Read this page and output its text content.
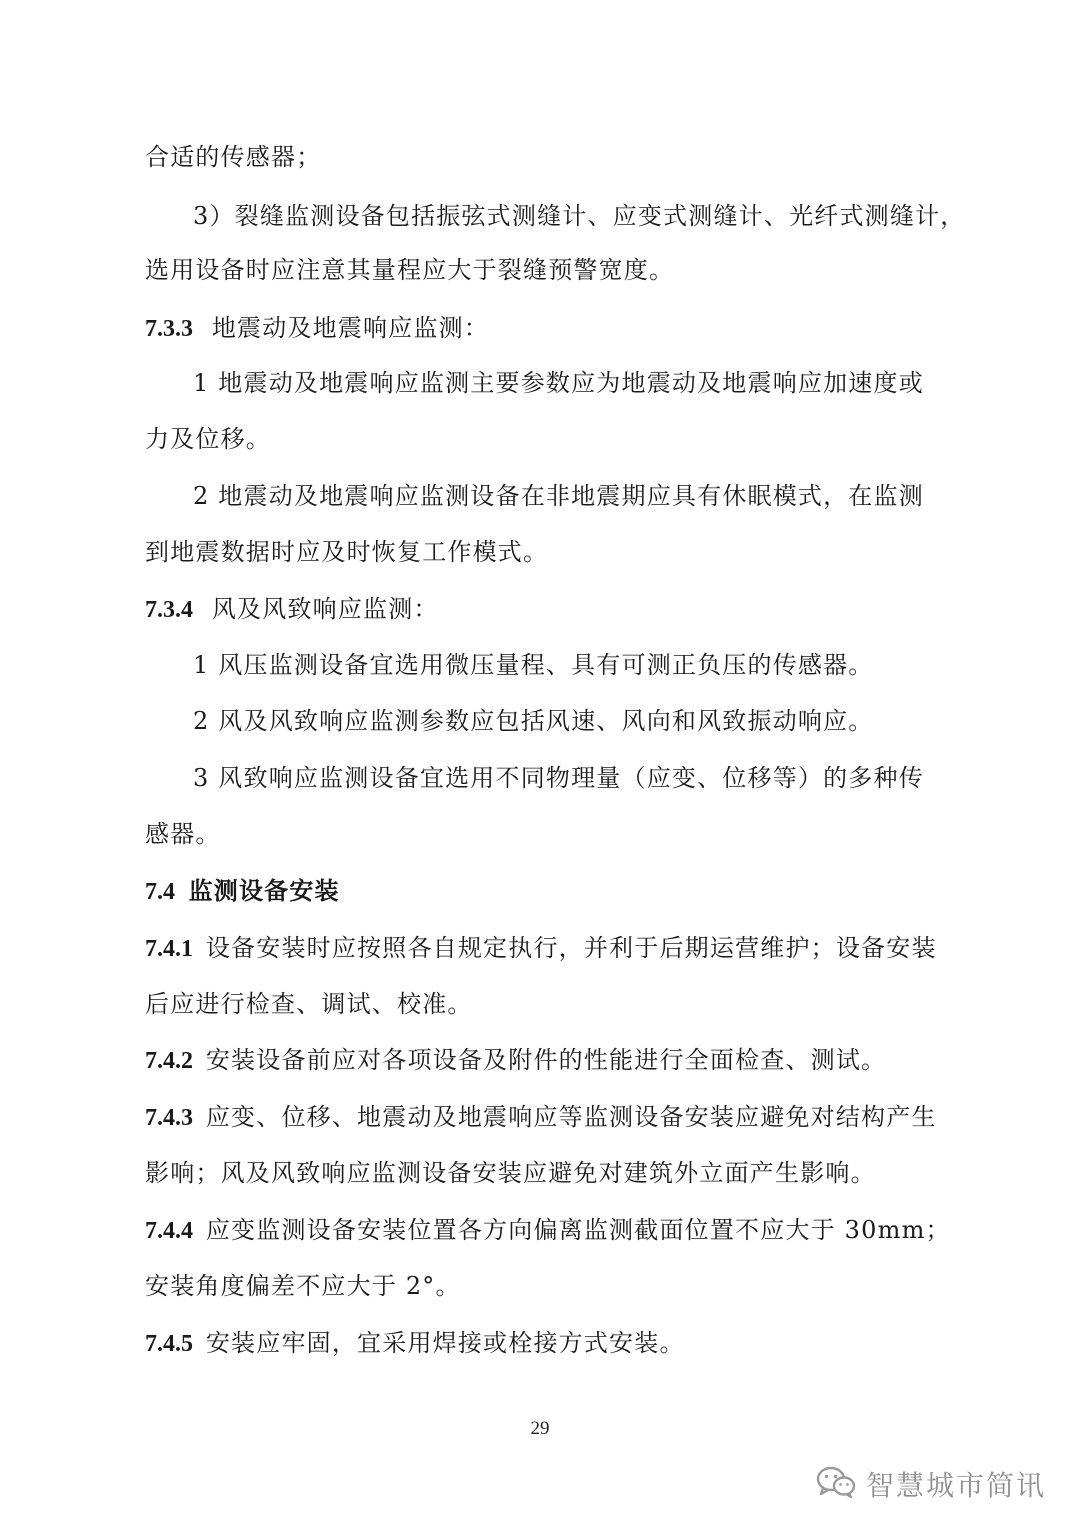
合适的传感器；
3）裂缝监测设备包括振弦式测缝计、应变式测缝计、光纤式测缝计，
选用设备时应注意其量程应大于裂缝预警宽度。
7.3.3 地震动及地震响应监测：
1 地震动及地震响应监测主要参数应为地震动及地震响应加速度或
力及位移。
2 地震动及地震响应监测设备在非地震期应具有休眠模式，在监测
到地震数据时应及时恢复工作模式。
7.3.4 风及风致响应监测：
1 风压监测设备宜选用微压量程、具有可测正负压的传感器。
2 风及风致响应监测参数应包括风速、风向和风致振动响应。
3 风致响应监测设备宜选用不同物理量（应变、位移等）的多种传
感器。
7.4 监测设备安装
7.4.1 设备安装时应按照各自规定执行，并利于后期运营维护；设备安装
后应进行检查、调试、校准。
7.4.2 安装设备前应对各项设备及附件的性能进行全面检查、测试。
7.4.3 应变、位移、地震动及地震响应等监测设备安装应避免对结构产生
影响；风及风致响应监测设备安装应避免对建筑外立面产生影响。
7.4.4 应变监测设备安装位置各方向偏离监测截面位置不应大于 30mm；
安装角度偏差不应大于 2°。
7.4.5 安装应牢固，宜采用焊接或栓接方式安装。
29
智慧城市简讯
